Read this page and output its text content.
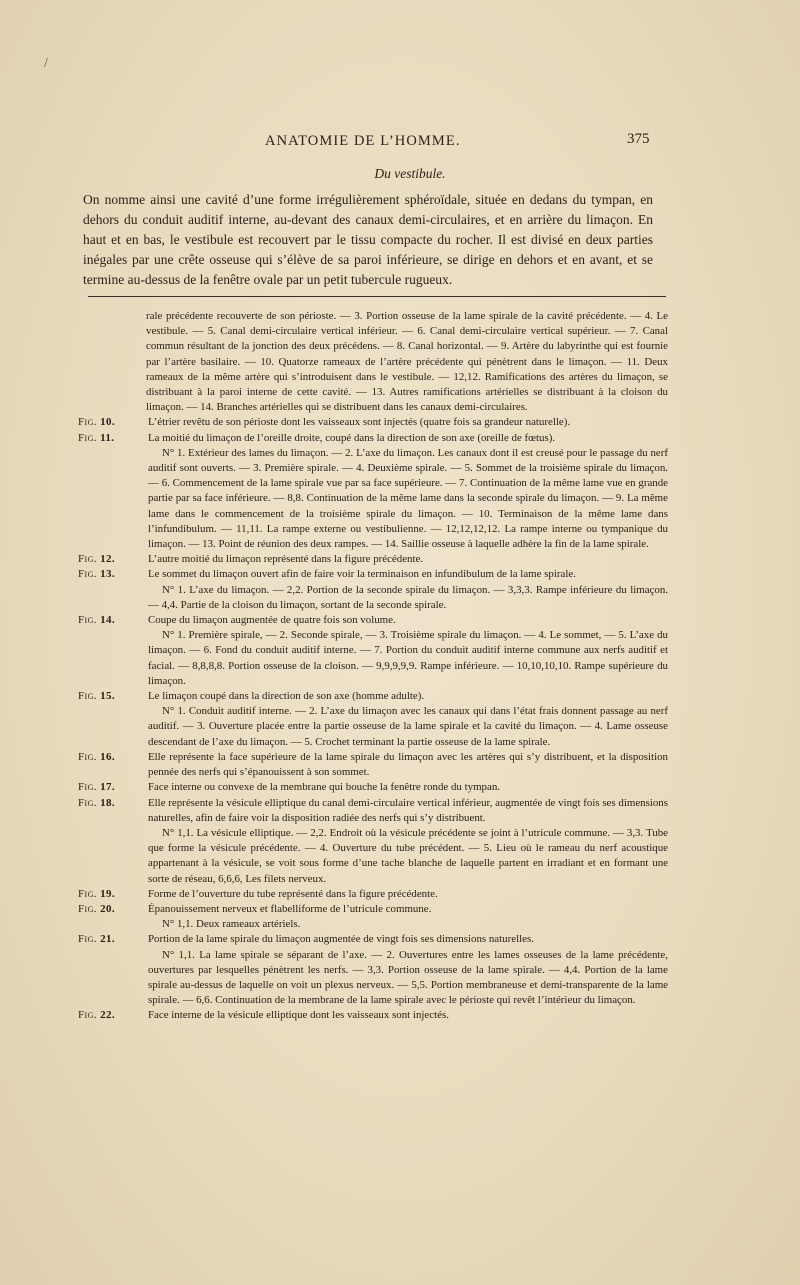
/
ANATOMIE DE L’HOMME.	375
Du vestibule.
On nomme ainsi une cavité d’une forme irrégulièrement sphéroïdale, située en dedans du tympan, en dehors du conduit auditif interne, au-devant des canaux demi-circulaires, et en arrière du limaçon. En haut et en bas, le vestibule est recouvert par le tissu compacte du rocher. Il est divisé en deux parties inégales par une crête osseuse qui s’élève de sa paroi inférieure, se dirige en dehors et en avant, et se termine au-dessus de la fenêtre ovale par un petit tubercule rugueux.
rale précédente recouverte de son périoste. — 3. Portion osseuse de la lame spirale de la cavité précédente. — 4. Le vestibule. — 5. Canal demi-circulaire vertical inférieur. — 6. Canal demi-circulaire vertical supérieur. — 7. Canal commun résultant de la jonction des deux précédens. — 8. Canal horizontal. — 9. Artère du labyrinthe qui est fournie par l’artère basilaire. — 10. Quatorze rameaux de l’artère précédente qui pénètrent dans le limaçon. — 11. Deux rameaux de la même artère qui s’introduisent dans le vestibule. — 12,12. Ramifications des artères du limaçon, se distribuant à la paroi interne de cette cavité. — 13. Autres ramifications artérielles se distribuant à la cloison du limaçon. — 14. Branches artérielles qui se distribuent dans les canaux demi-circulaires.
Fig. 10.	L’étrier revêtu de son périoste dont les vaisseaux sont injectés (quatre fois sa grandeur naturelle).
Fig. 11.	La moitié du limaçon de l’oreille droite, coupé dans la direction de son axe (oreille de fœtus).
N° 1. Extérieur des lames du limaçon. — 2. L’axe du limaçon. Les canaux dont il est creusé pour le passage du nerf auditif sont ouverts. — 3. Première spirale. — 4. Deuxième spirale. — 5. Sommet de la troisième spirale du limaçon. — 6. Commencement de la lame spirale vue par sa face supérieure. — 7. Continuation de la même lame vue en grande partie par sa face inférieure. — 8,8. Continuation de la même lame dans la seconde spirale du limaçon. — 9. La même lame dans le commencement de la troisième spirale du limaçon. — 10. Terminaison de la même lame dans l’infundibulum. — 11,11. La rampe externe ou vestibulienne. — 12,12,12,12. La rampe interne ou tympanique du limaçon. — 13. Point de réunion des deux rampes. — 14. Saillie osseuse à laquelle adhère la fin de la lame spirale.
Fig. 12.	L’autre moitié du limaçon représenté dans la figure précédente.
Fig. 13.	Le sommet du limaçon ouvert afin de faire voir la terminaison en infundibulum de la lame spirale.
N° 1. L’axe du limaçon. — 2,2. Portion de la seconde spirale du limaçon. — 3,3,3. Rampe inférieure du limaçon. — 4,4. Partie de la cloison du limaçon, sortant de la seconde spirale.
Fig. 14.	Coupe du limaçon augmentée de quatre fois son volume.
N° 1. Première spirale, — 2. Seconde spirale, — 3. Troisième spirale du limaçon. — 4. Le sommet, — 5. L’axe du limaçon. — 6. Fond du conduit auditif interne. — 7. Portion du conduit auditif interne commune aux nerfs auditif et facial. — 8,8,8,8. Portion osseuse de la cloison. — 9,9,9,9,9. Rampe inférieure. — 10,10,10,10. Rampe supérieure du limaçon.
Fig. 15.	Le limaçon coupé dans la direction de son axe (homme adulte).
N° 1. Conduit auditif interne. — 2. L’axe du limaçon avec les canaux qui dans l’état frais donnent passage au nerf auditif. — 3. Ouverture placée entre la partie osseuse de la lame spirale et la cavité du limaçon. — 4. Lame osseuse descendant de l’axe du limaçon. — 5. Crochet terminant la partie osseuse de la lame spirale.
Fig. 16.	Elle représente la face supérieure de la lame spirale du limaçon avec les artères qui s’y distribuent, et la disposition pennée des nerfs qui s’épanouissent à son sommet.
Fig. 17.	Face interne ou convexe de la membrane qui bouche la fenêtre ronde du tympan.
Fig. 18.	Elle représente la vésicule elliptique du canal demi-circulaire vertical inférieur, augmentée de vingt fois ses dimensions naturelles, afin de faire voir la disposition radiée des nerfs qui s’y distribuent.
N° 1,1. La vésicule elliptique. — 2,2. Endroit où la vésicule précédente se joint à l’utricule commune. — 3,3. Tube que forme la vésicule précédente. — 4. Ouverture du tube précédent. — 5. Lieu où le rameau du nerf acoustique appartenant à la vésicule, se voit sous forme d’une tache blanche de laquelle partent en irradiant et en formant une sorte de réseau, 6,6,6, Les filets nerveux.
Fig. 19.	Forme de l’ouverture du tube représenté dans la figure précédente.
Fig. 20.	Épanouissement nerveux et flabelliforme de l’utricule commune.
N° 1,1. Deux rameaux artériels.
Fig. 21.	Portion de la lame spirale du limaçon augmentée de vingt fois ses dimensions naturelles.
N° 1,1. La lame spirale se séparant de l’axe. — 2. Ouvertures entre les lames osseuses de la lame précédente, ouvertures par lesquelles pénètrent les nerfs. — 3,3. Portion osseuse de la lame spirale. — 4,4. Portion de la lame spirale au-dessus de laquelle on voit un plexus nerveux. — 5,5. Portion membraneuse et demi-transparente de la lame spirale. — 6,6. Continuation de la membrane de la lame spirale avec le périoste qui revêt l’intérieur du limaçon.
Fig. 22.	Face interne de la vésicule elliptique dont les vaisseaux sont injectés.
